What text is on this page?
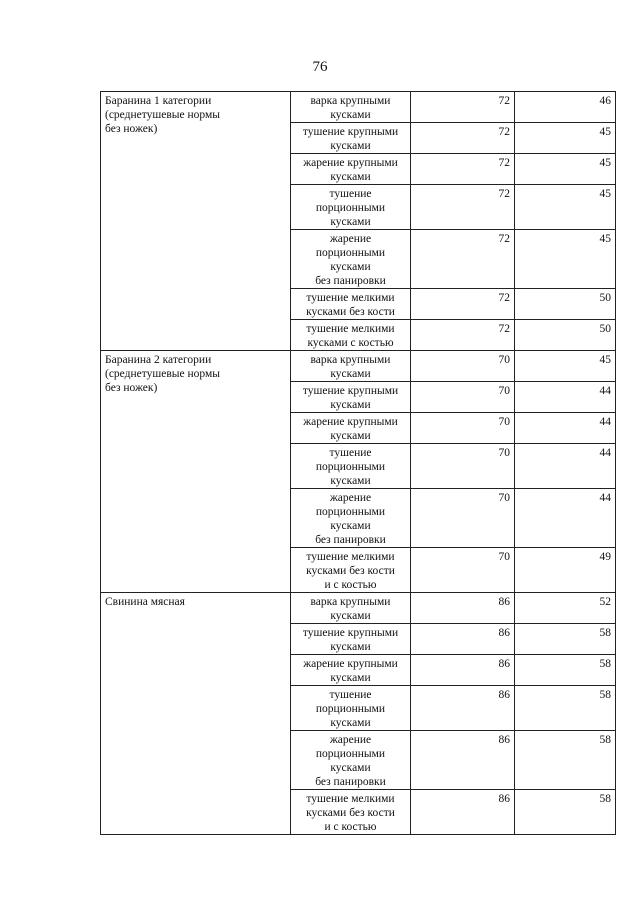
76
Баранина 1 категории
(среднетушевые нормы
без ножек)	варка крупными
кусками	72	46

	тушение крупными
кусками	72	45

	жарение крупными
кусками	72	45

	тушение
порционными
кусками	72	45

	жарение
порционными
кусками
без панировки	72	45

	тушение мелкими
кусками без кости	72	50

	тушение мелкими
кусками с костью	72	50

Баранина 2 категории
(среднетушевые нормы
без ножек)	варка крупными
кусками	70	45

	тушение крупными
кусками	70	44

	жарение крупными
кусками	70	44

	тушение
порционными
кусками	70	44

	жарение
порционными
кусками
без панировки	70	44

	тушение мелкими
кусками без кости
и с костью	70	49

Свинина мясная	варка крупными
кусками	86	52

	тушение крупными
кусками	86	58

	жарение крупными
кусками	86	58

	тушение
порционными
кусками	86	58

	жарение
порционными
кусками
без панировки	86	58

	тушение мелкими
кусками без кости
и с костью	86	58
